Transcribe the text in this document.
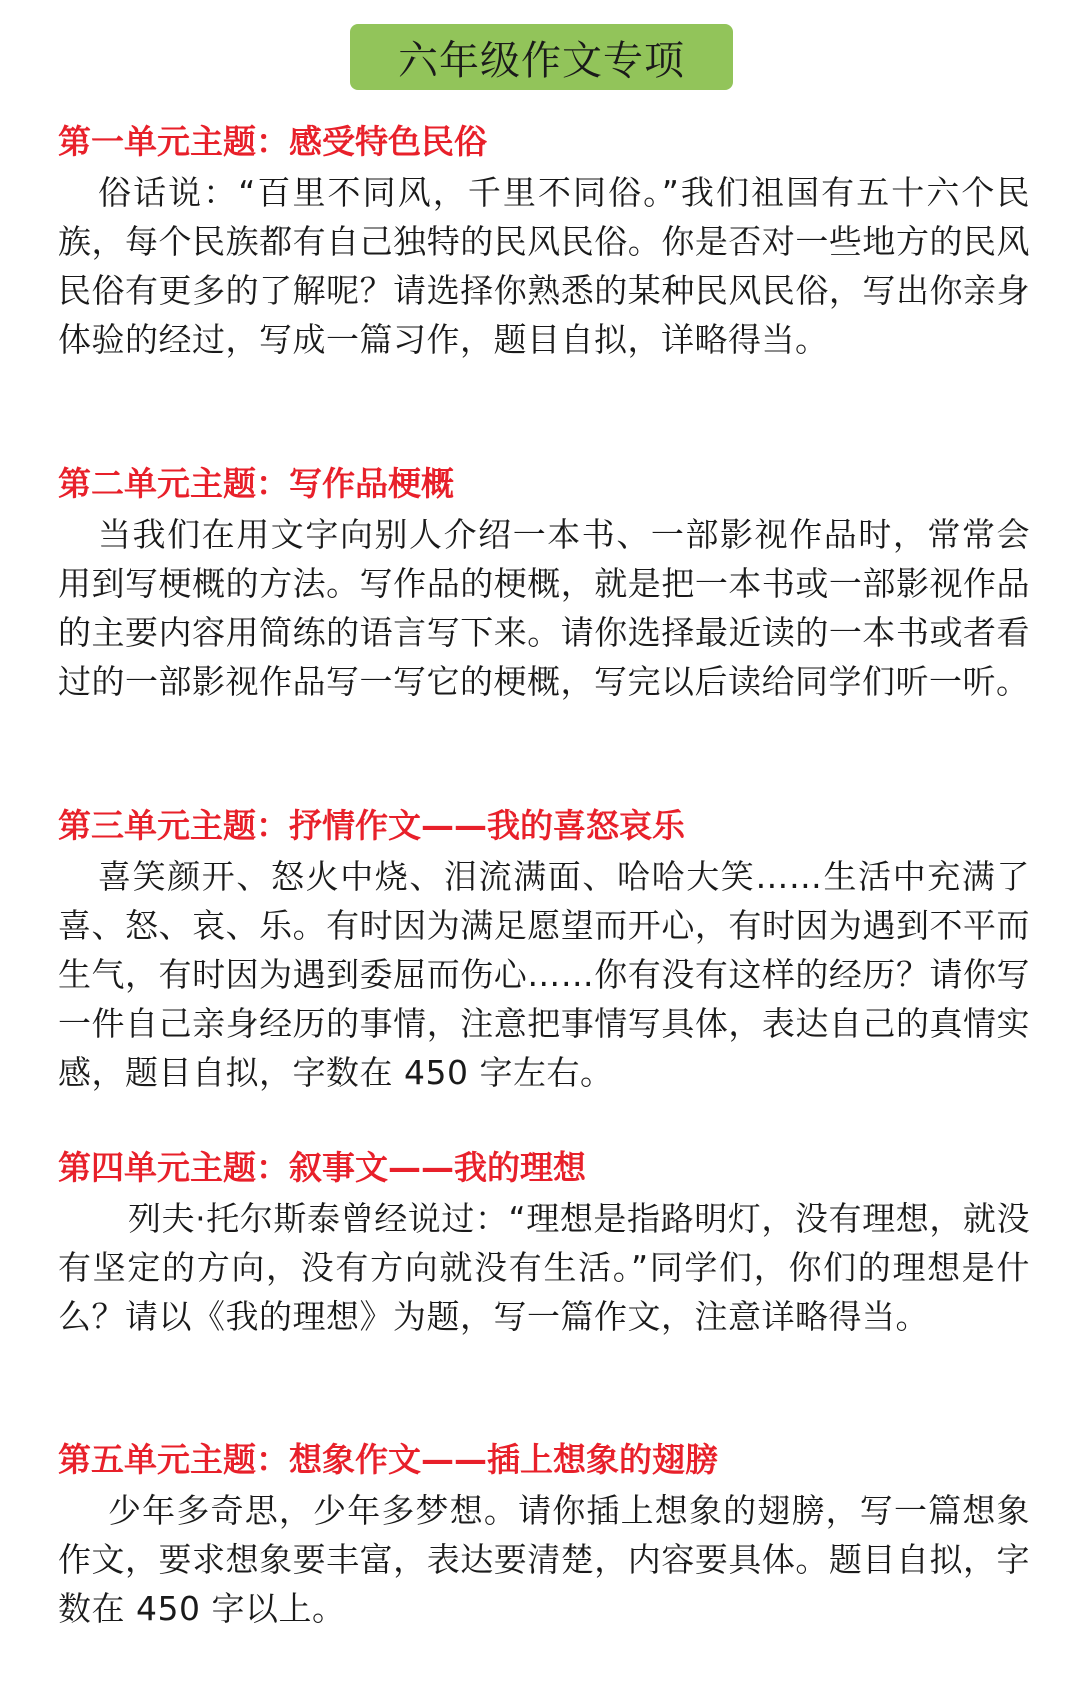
六年级作文专项
第一单元主题：感受特色民俗
俗话说：“百里不同风，千里不同俗。”我们祖国有五十六个民族，每个民族都有自己独特的民风民俗。你是否对一些地方的民风民俗有更多的了解呢？请选择你熟悉的某种民风民俗，写出你亲身体验的经过，写成一篇习作，题目自拟，详略得当。
第二单元主题：写作品梗概
当我们在用文字向别人介绍一本书、一部影视作品时，常常会用到写梗概的方法。写作品的梗概，就是把一本书或一部影视作品的主要内容用简练的语言写下来。请你选择最近读的一本书或者看过的一部影视作品写一写它的梗概，写完以后读给同学们听一听。
第三单元主题：抒情作文——我的喜怒哀乐
喜笑颜开、怒火中烧、泪流满面、哈哈大笑……生活中充满了喜、怒、哀、乐。有时因为满足愿望而开心，有时因为遇到不平而生气，有时因为遇到委屈而伤心……你有没有这样的经历？请你写一件自己亲身经历的事情，注意把事情写具体，表达自己的真情实感，题目自拟，字数在 450 字左右。
第四单元主题：叙事文——我的理想
列夫·托尔斯泰曾经说过：“理想是指路明灯，没有理想，就没有坚定的方向，没有方向就没有生活。”同学们，你们的理想是什么？请以《我的理想》为题，写一篇作文，注意详略得当。
第五单元主题：想象作文——插上想象的翅膀
少年多奇思，少年多梦想。请你插上想象的翅膀，写一篇想象作文，要求想象要丰富，表达要清楚，内容要具体。题目自拟，字数在 450 字以上。
